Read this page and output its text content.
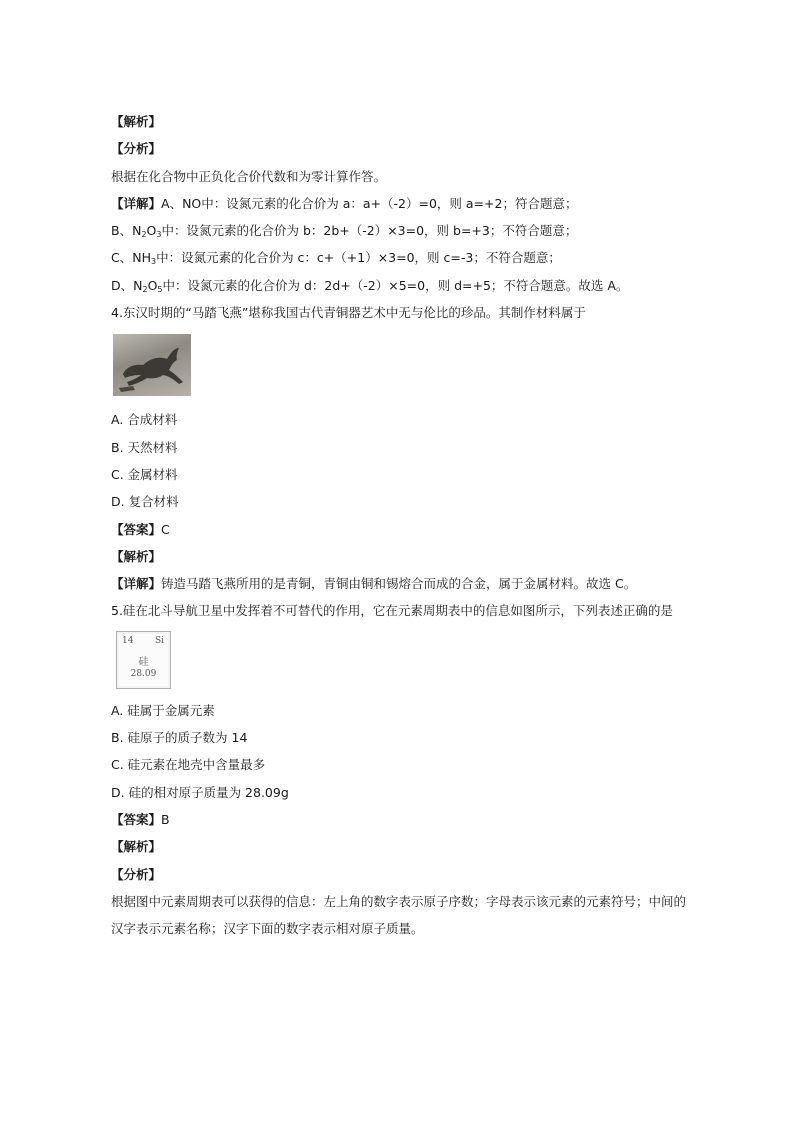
【解析】
【分析】
根据在化合物中正负化合价代数和为零计算作答。
【详解】A、NO中：设氮元素的化合价为 a：a+（-2）=0，则 a=+2；符合题意；
B、$N_2O_3$中：设氮元素的化合价为 b：2b+（-2）×3=0，则 b=+3；不符合题意；
C、$NH_3$中：设氮元素的化合价为 c：c+（+1）×3=0，则 c=-3；不符合题意；
D、$N_2O_5$中：设氮元素的化合价为 d：2d+（-2）×5=0，则 d=+5；不符合题意。故选 A。
4.东汉时期的“马踏飞燕”堪称我国古代青铜器艺术中无与伦比的珍品。其制作材料属于
A. 合成材料
B. 天然材料
C. 金属材料
D. 复合材料
【答案】C
【解析】
【详解】铸造马踏飞燕所用的是青铜，青铜由铜和锡熔合而成的合金，属于金属材料。故选 C。
5.硅在北斗导航卫星中发挥着不可替代的作用，它在元素周期表中的信息如图所示，下列表述正确的是
14 Si
硅
28.09
A. 硅属于金属元素
B. 硅原子的质子数为 14
C. 硅元素在地壳中含量最多
D. 硅的相对原子质量为 28.09g
【答案】B
【解析】
【分析】
根据图中元素周期表可以获得的信息：左上角的数字表示原子序数；字母表示该元素的元素符号；中间的
汉字表示元素名称；汉字下面的数字表示相对原子质量。
